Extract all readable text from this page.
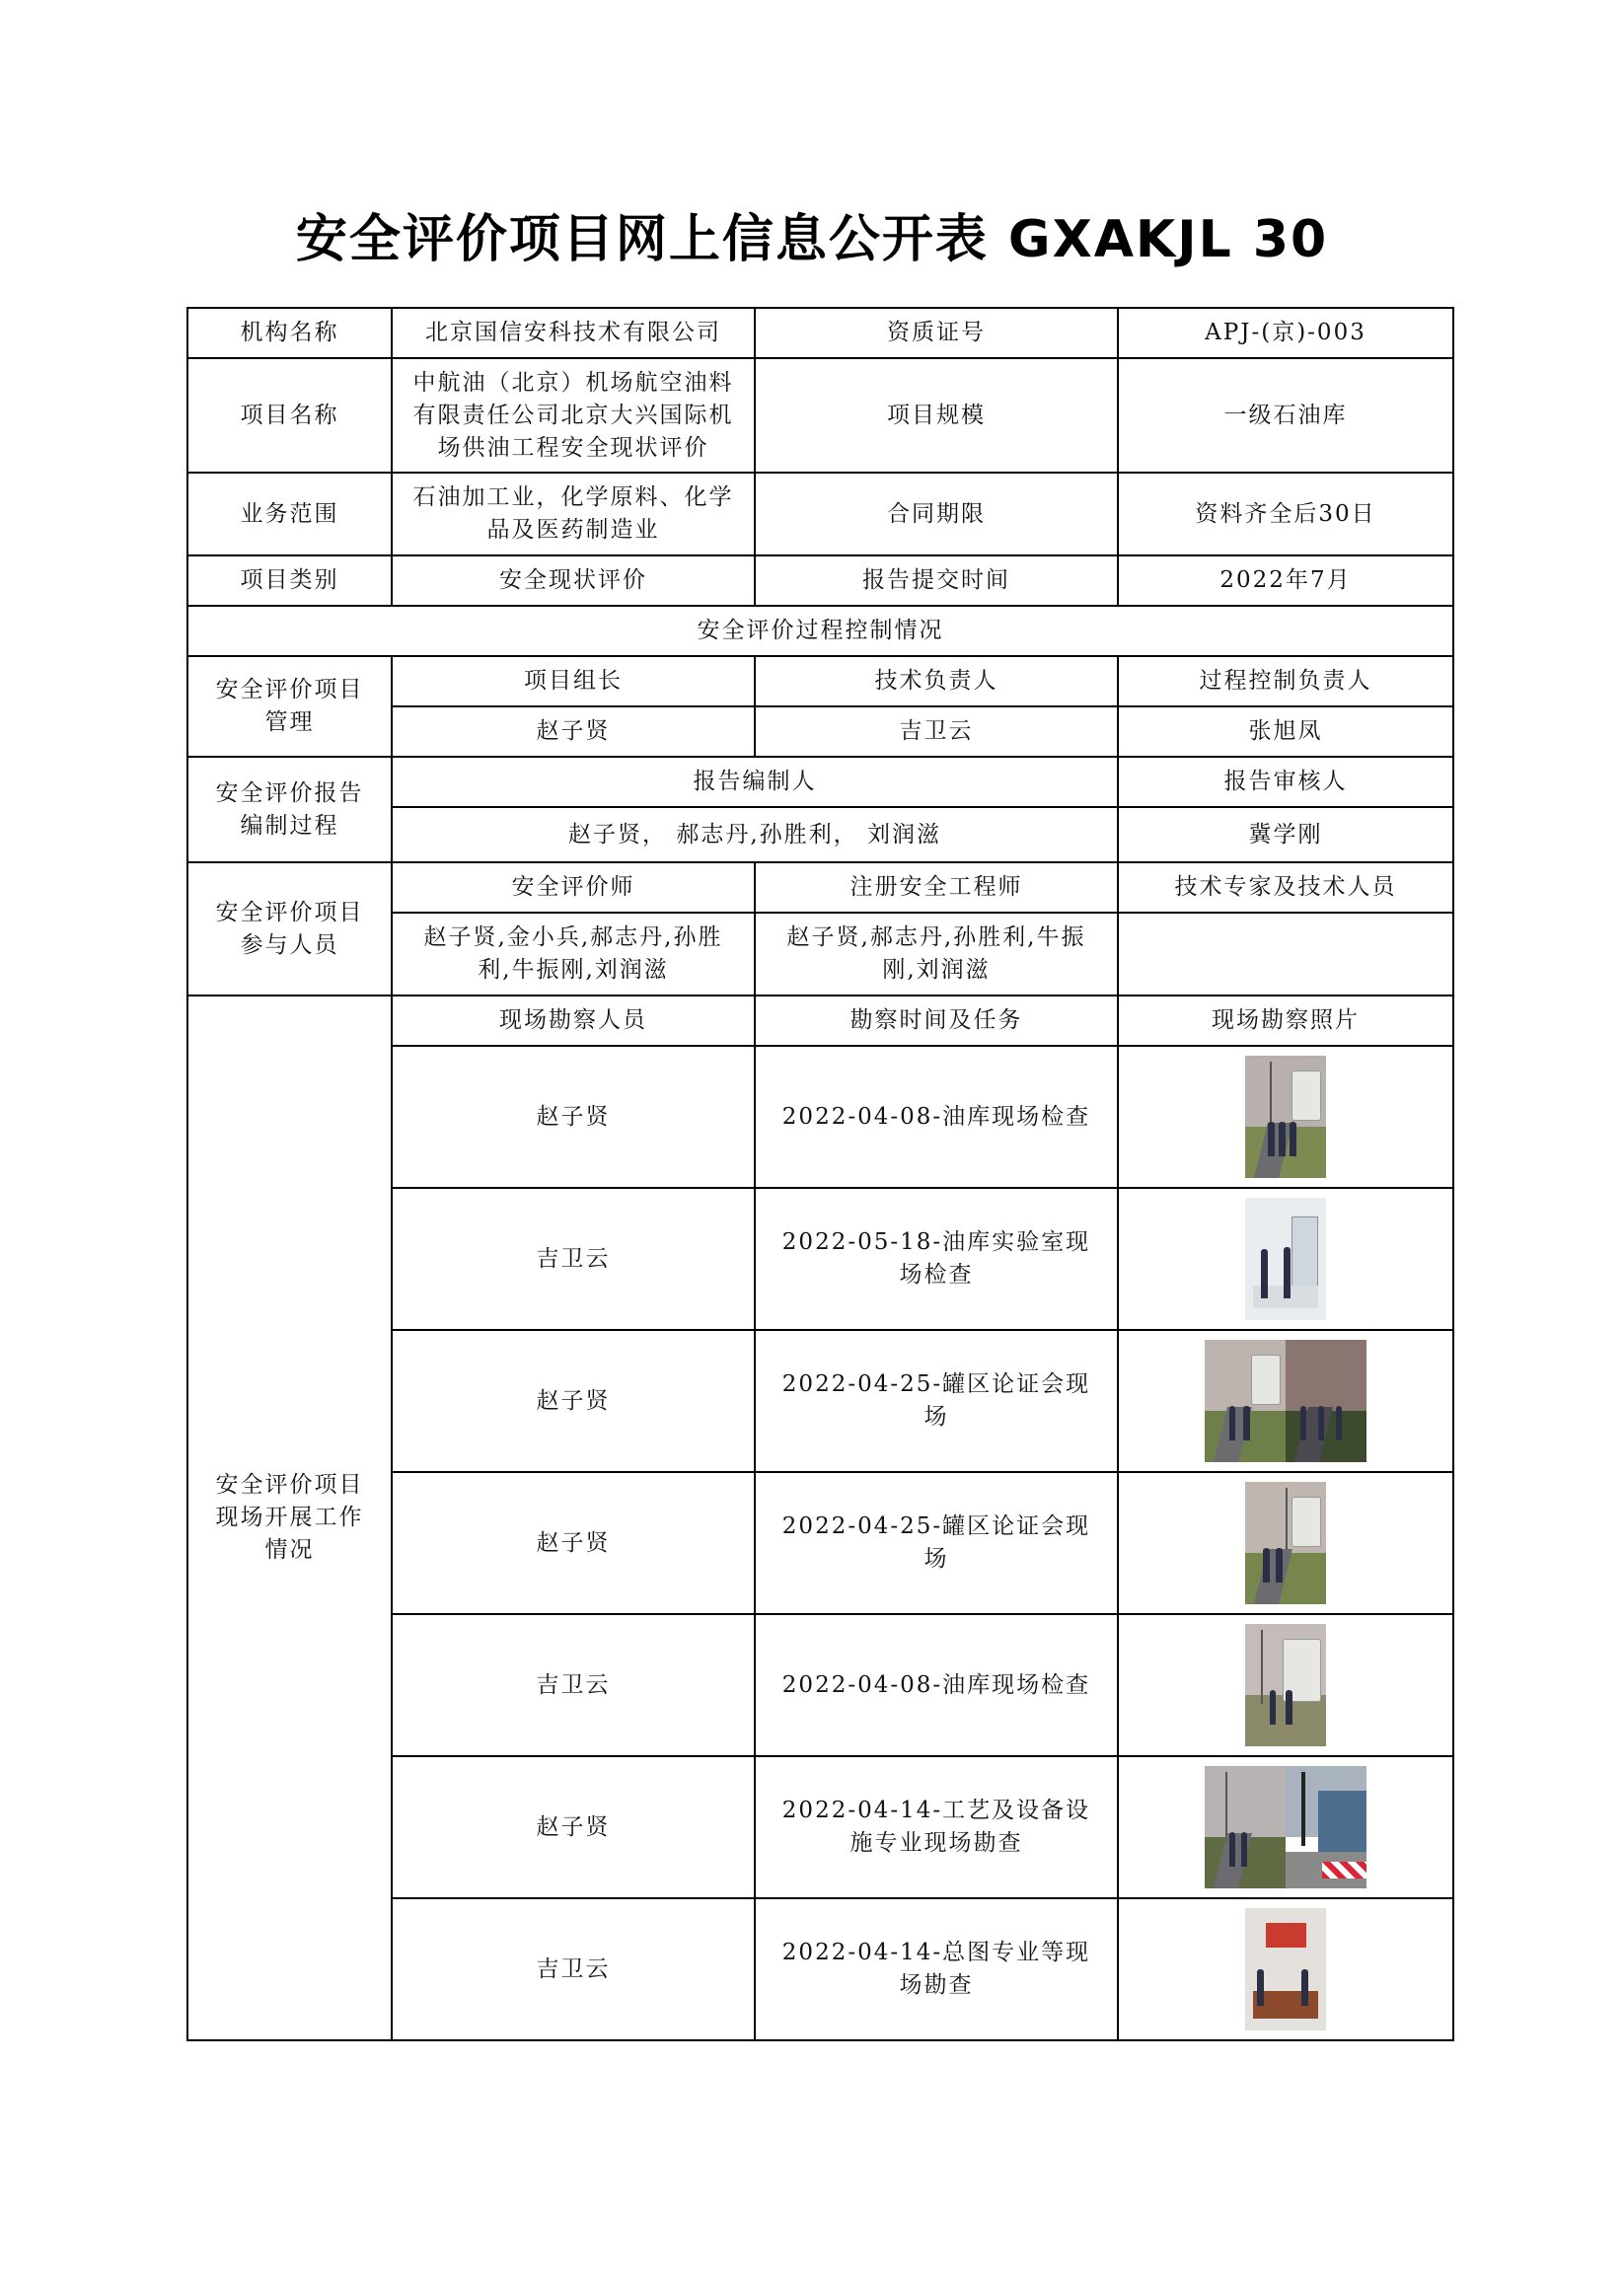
安全评价项目网上信息公开表 GXAKJL 30
机构名称	北京国信安科技术有限公司	资质证号	APJ-(京)-003
项目名称	中航油（北京）机场航空油料有限责任公司北京大兴国际机场供油工程安全现状评价	项目规模	一级石油库
业务范围	石油加工业，化学原料、化学品及医药制造业	合同期限	资料齐全后30日
项目类别	安全现状评价	报告提交时间	2022年7月
安全评价过程控制情况			
安全评价项目管理	项目组长	技术负责人	过程控制负责人
	赵子贤	吉卫云	张旭凤
安全评价报告编制过程	报告编制人		报告审核人
	赵子贤， 郝志丹,孙胜利， 刘润滋		冀学刚
安全评价项目参与人员	安全评价师	注册安全工程师	技术专家及技术人员
	赵子贤,金小兵,郝志丹,孙胜利,牛振刚,刘润滋	赵子贤,郝志丹,孙胜利,牛振刚,刘润滋	
安全评价项目现场开展工作情况	现场勘察人员	勘察时间及任务	现场勘察照片
	赵子贤	2022-04-08-油库现场检查	

	吉卫云	2022-05-18-油库实验室现场检查	

	赵子贤	2022-04-25-罐区论证会现场	

	赵子贤	2022-04-25-罐区论证会现场	

	吉卫云	2022-04-08-油库现场检查	

	赵子贤	2022-04-14-工艺及设备设施专业现场勘查	

	吉卫云	2022-04-14-总图专业等现场勘查	
